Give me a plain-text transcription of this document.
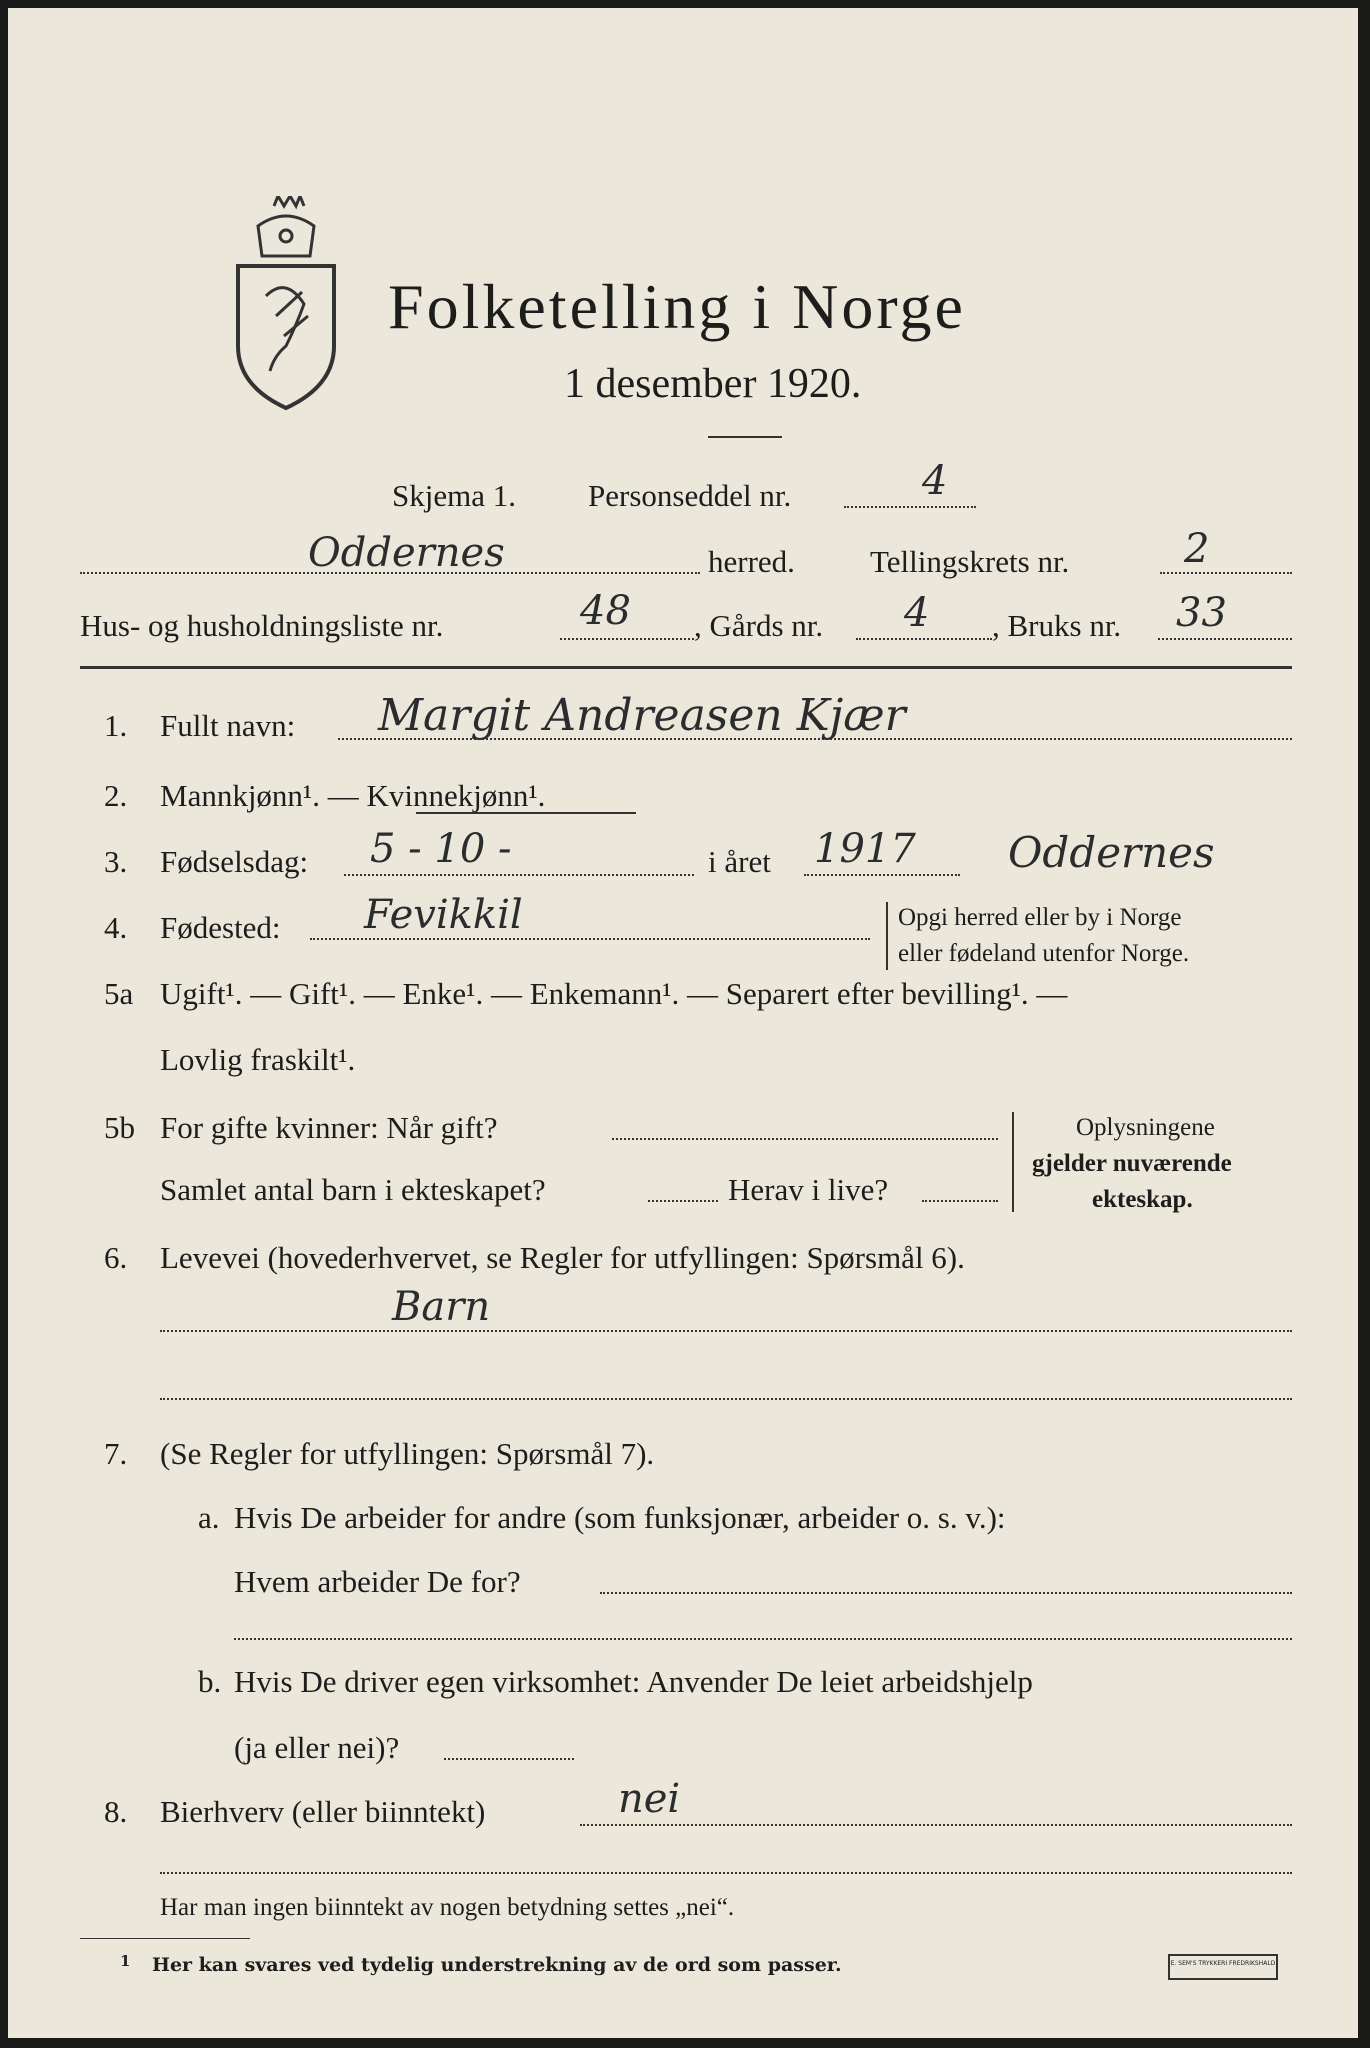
Folketelling i Norge
1 desember 1920.
Skjema 1. Personseddel nr.	4
Oddernes	herred. Tellingskrets nr.	2
Hus- og husholdningsliste nr.	48 , Gårds nr. 4 , Bruks nr. 33
1. Fullt navn: Margit Andreasen Kjær
2. Mannkjønn¹. — Kvinnekjønn¹.
3. Fødselsdag: 5 - 10 -	i året 1917 Oddernes
4. Fødested: Fevikkil	Opgi herred eller by i Norge
eller fødeland utenfor Norge.
5a Ugift¹. — Gift¹. — Enke¹. — Enkemann¹. — Separert efter bevilling¹. —
Lovlig fraskilt¹.
5b For gifte kvinner: Når gift?
Samlet antal barn i ekteskapet?	Herav i live?
Oplysningene
gjelder nuværende
ekteskap.
6. Levevei (hovederhvervet, se Regler for utfyllingen: Spørsmål 6).
Barn
7. (Se Regler for utfyllingen: Spørsmål 7).
a. Hvis De arbeider for andre (som funksjonær, arbeider o. s. v.):
Hvem arbeider De for?
b. Hvis De driver egen virksomhet: Anvender De leiet arbeidshjelp
(ja eller nei)?
8. Bierhverv (eller biinntekt)	nei
Har man ingen biinntekt av nogen betydning settes „nei“.
1 Her kan svares ved tydelig understrekning av de ord som passer.	E. SEM'S TRYKKERI FREDRIKSHALD
